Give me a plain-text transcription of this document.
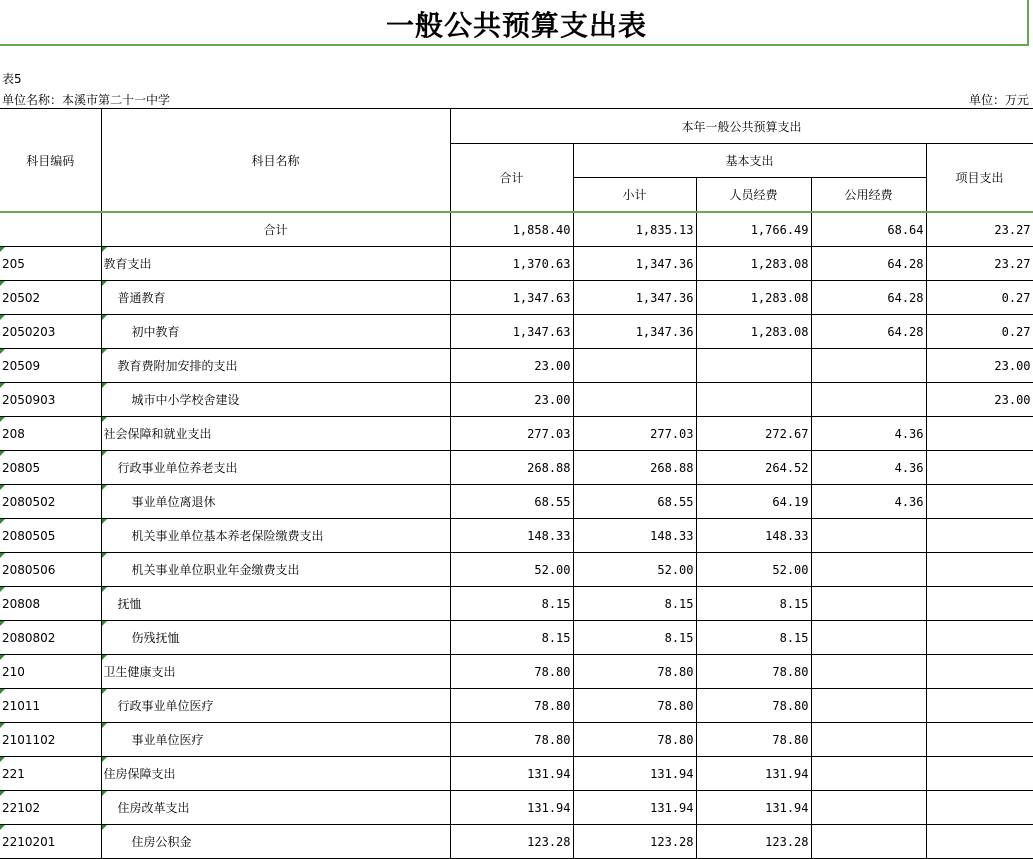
一般公共预算支出表
表5
单位名称：本溪市第二十一中学	单位：万元
科目编码	科目名称	本年一般公共预算支出				
		合计	基本支出			项目支出
			小计	人员经费	公用经费	
	合计	1,858.40	1,835.13	1,766.49	68.64	23.27
205	教育支出	1,370.63	1,347.36	1,283.08	64.28	23.27
20502	普通教育	1,347.63	1,347.36	1,283.08	64.28	0.27
2050203	初中教育	1,347.63	1,347.36	1,283.08	64.28	0.27
20509	教育费附加安排的支出	23.00				23.00
2050903	城市中小学校舍建设	23.00				23.00
208	社会保障和就业支出	277.03	277.03	272.67	4.36	
20805	行政事业单位养老支出	268.88	268.88	264.52	4.36	
2080502	事业单位离退休	68.55	68.55	64.19	4.36	
2080505	机关事业单位基本养老保险缴费支出	148.33	148.33	148.33		
2080506	机关事业单位职业年金缴费支出	52.00	52.00	52.00		
20808	抚恤	8.15	8.15	8.15		
2080802	伤残抚恤	8.15	8.15	8.15		
210	卫生健康支出	78.80	78.80	78.80		
21011	行政事业单位医疗	78.80	78.80	78.80		
2101102	事业单位医疗	78.80	78.80	78.80		
221	住房保障支出	131.94	131.94	131.94		
22102	住房改革支出	131.94	131.94	131.94		
2210201	住房公积金	123.28	123.28	123.28		
